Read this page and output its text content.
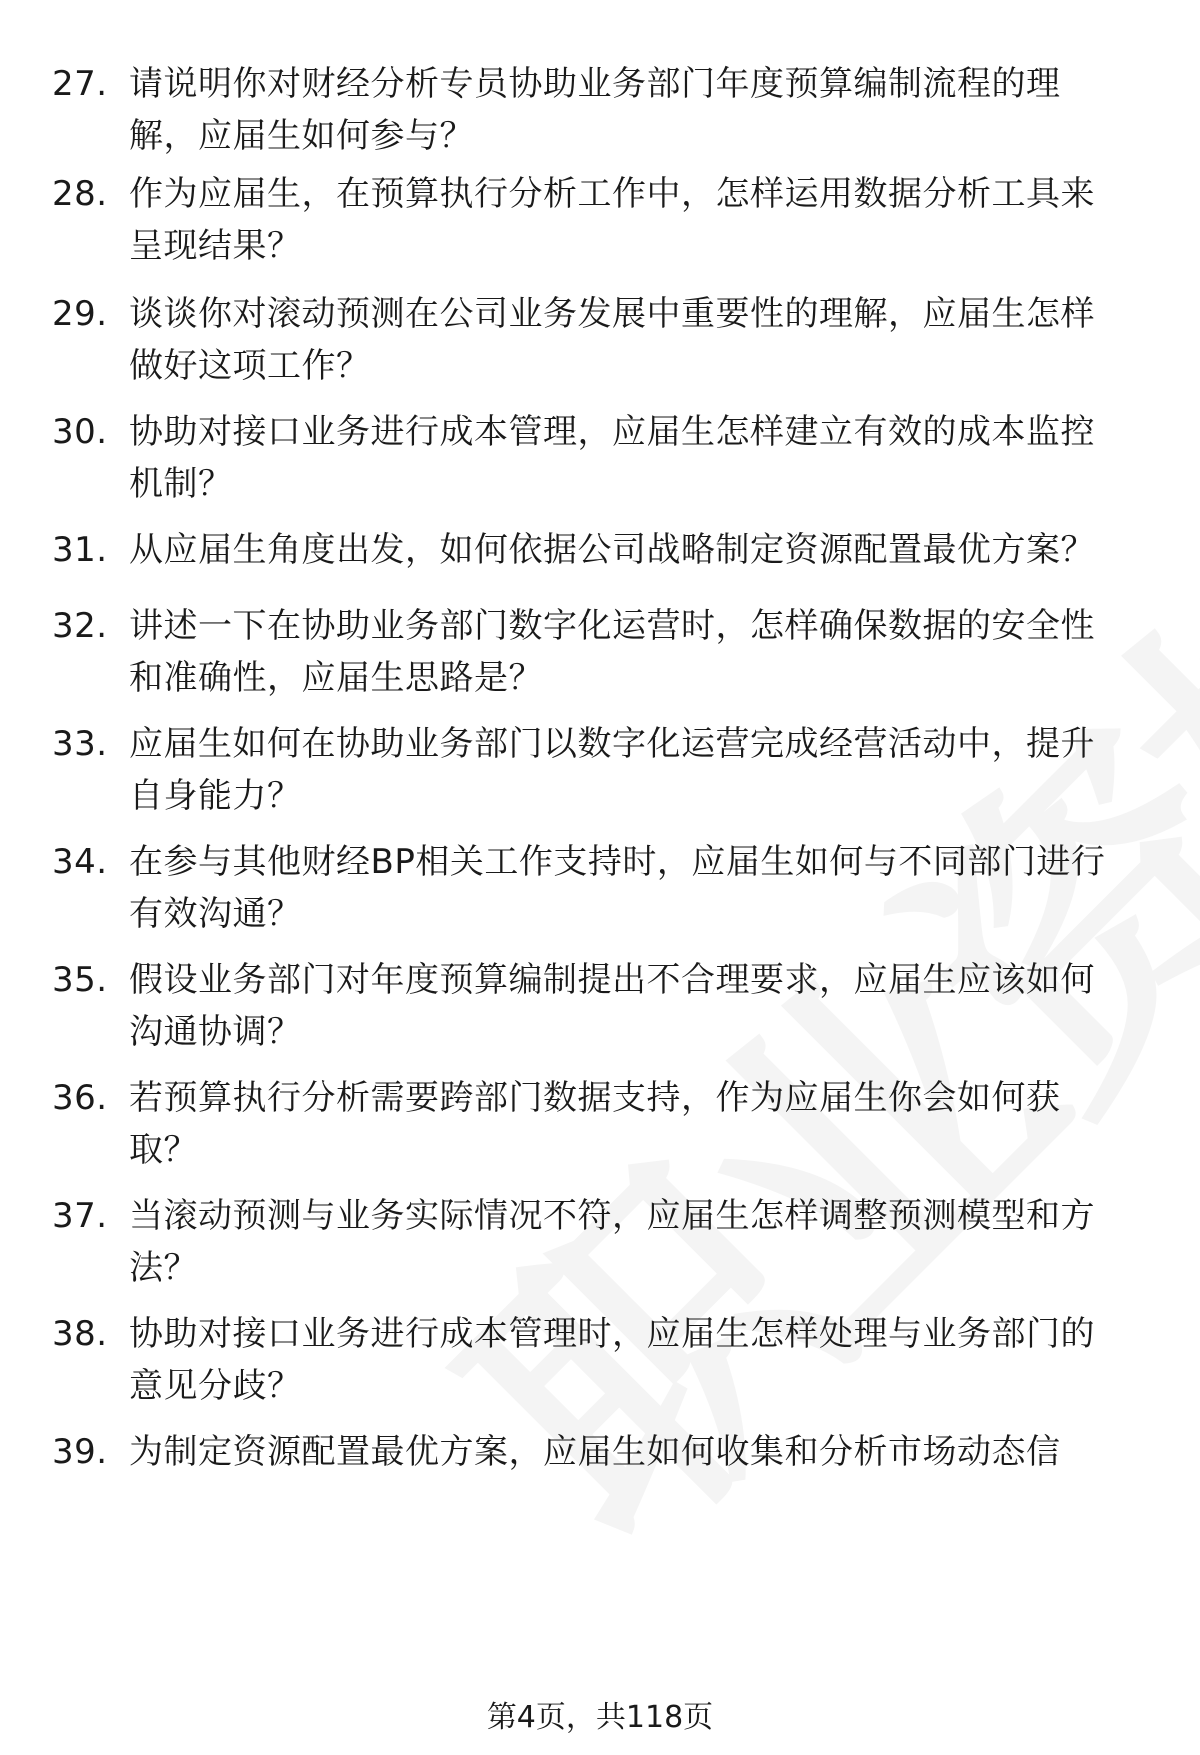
27. 请说明你对财经分析专员协助业务部门年度预算编制流程的理
解，应届生如何参与？
28. 作为应届生，在预算执行分析工作中，怎样运用数据分析工具来
呈现结果？
29. 谈谈你对滚动预测在公司业务发展中重要性的理解，应届生怎样
做好这项工作？
30. 协助对接口业务进行成本管理，应届生怎样建立有效的成本监控
机制？
31. 从应届生角度出发，如何依据公司战略制定资源配置最优方案？
32. 讲述一下在协助业务部门数字化运营时，怎样确保数据的安全性
和准确性，应届生思路是？
33. 应届生如何在协助业务部门以数字化运营完成经营活动中，提升
自身能力？
34. 在参与其他财经BP相关工作支持时，应届生如何与不同部门进行
有效沟通？
35. 假设业务部门对年度预算编制提出不合理要求，应届生应该如何
沟通协调？
36. 若预算执行分析需要跨部门数据支持，作为应届生你会如何获
取？
37. 当滚动预测与业务实际情况不符，应届生怎样调整预测模型和方
法？
38. 协助对接口业务进行成本管理时，应届生怎样处理与业务部门的
意见分歧？
39. 为制定资源配置最优方案，应届生如何收集和分析市场动态信
第4页，共118页
